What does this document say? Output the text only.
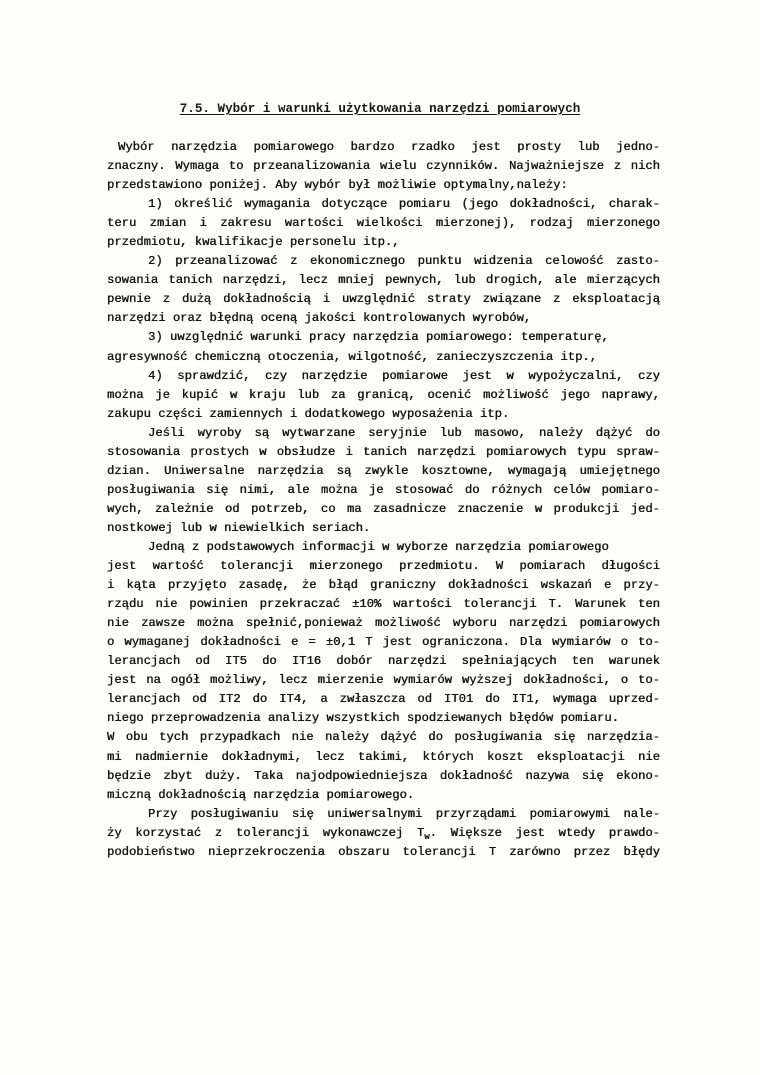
7.5. Wybór i warunki użytkowania narzędzi pomiarowych
Wybór narzędzia pomiarowego bardzo rzadko jest prosty lub jedno-
znaczny. Wymaga to przeanalizowania wielu czynników. Najważniejsze z nich
przedstawiono poniżej. Aby wybór był możliwie optymalny,należy:
1) określić wymagania dotyczące pomiaru (jego dokładności, charak-
teru zmian i zakresu wartości wielkości mierzonej), rodzaj mierzonego
przedmiotu, kwalifikacje personelu itp.,
2) przeanalizować z ekonomicznego punktu widzenia celowość zasto-
sowania tanich narzędzi, lecz mniej pewnych, lub drogich, ale mierzących
pewnie z dużą dokładnością i uwzględnić straty związane z eksploatacją
narzędzi oraz błędną oceną jakości kontrolowanych wyrobów,
3) uwzględnić warunki pracy narzędzia pomiarowego: temperaturę,
agresywność chemiczną otoczenia, wilgotność, zanieczyszczenia itp.,
4) sprawdzić, czy narzędzie pomiarowe jest w wypożyczalni, czy
można je kupić w kraju lub za granicą, ocenić możliwość jego naprawy,
zakupu części zamiennych i dodatkowego wyposażenia itp.
Jeśli wyroby są wytwarzane seryjnie lub masowo, należy dążyć do
stosowania prostych w obsłudze i tanich narzędzi pomiarowych typu spraw-
dzian. Uniwersalne narzędzia są zwykle kosztowne, wymagają umiejętnego
posługiwania się nimi, ale można je stosować do różnych celów pomiaro-
wych, zależnie od potrzeb, co ma zasadnicze znaczenie w produkcji jed-
nostkowej lub w niewielkich seriach.
Jedną z podstawowych informacji w wyborze narzędzia pomiarowego
jest wartość tolerancji mierzonego przedmiotu. W pomiarach długości
i kąta przyjęto zasadę, że błąd graniczny dokładności wskazań e przy-
rządu nie powinien przekraczać ±10% wartości tolerancji T. Warunek ten
nie zawsze można spełnić,ponieważ możliwość wyboru narzędzi pomiarowych
o wymaganej dokładności e = ±0,1 T jest ograniczona. Dla wymiarów o to-
lerancjach od IT5 do IT16 dobór narzędzi spełniających ten warunek
jest na ogół możliwy, lecz mierzenie wymiarów wyższej dokładności, o to-
lerancjach od IT2 do IT4, a zwłaszcza od IT01 do IT1, wymaga uprzed-
niego przeprowadzenia analizy wszystkich spodziewanych błędów pomiaru.
W obu tych przypadkach nie należy dążyć do posługiwania się narzędzia-
mi nadmiernie dokładnymi, lecz takimi, których koszt eksploatacji nie
będzie zbyt duży. Taka najodpowiedniejsza dokładność nazywa się ekono-
miczną dokładnością narzędzia pomiarowego.
Przy posługiwaniu się uniwersalnymi przyrządami pomiarowymi nale-
ży korzystać z tolerancji wykonawczej $T_w$. Większe jest wtedy prawdo-
podobieństwo nieprzekroczenia obszaru tolerancji T zarówno przez błędy
